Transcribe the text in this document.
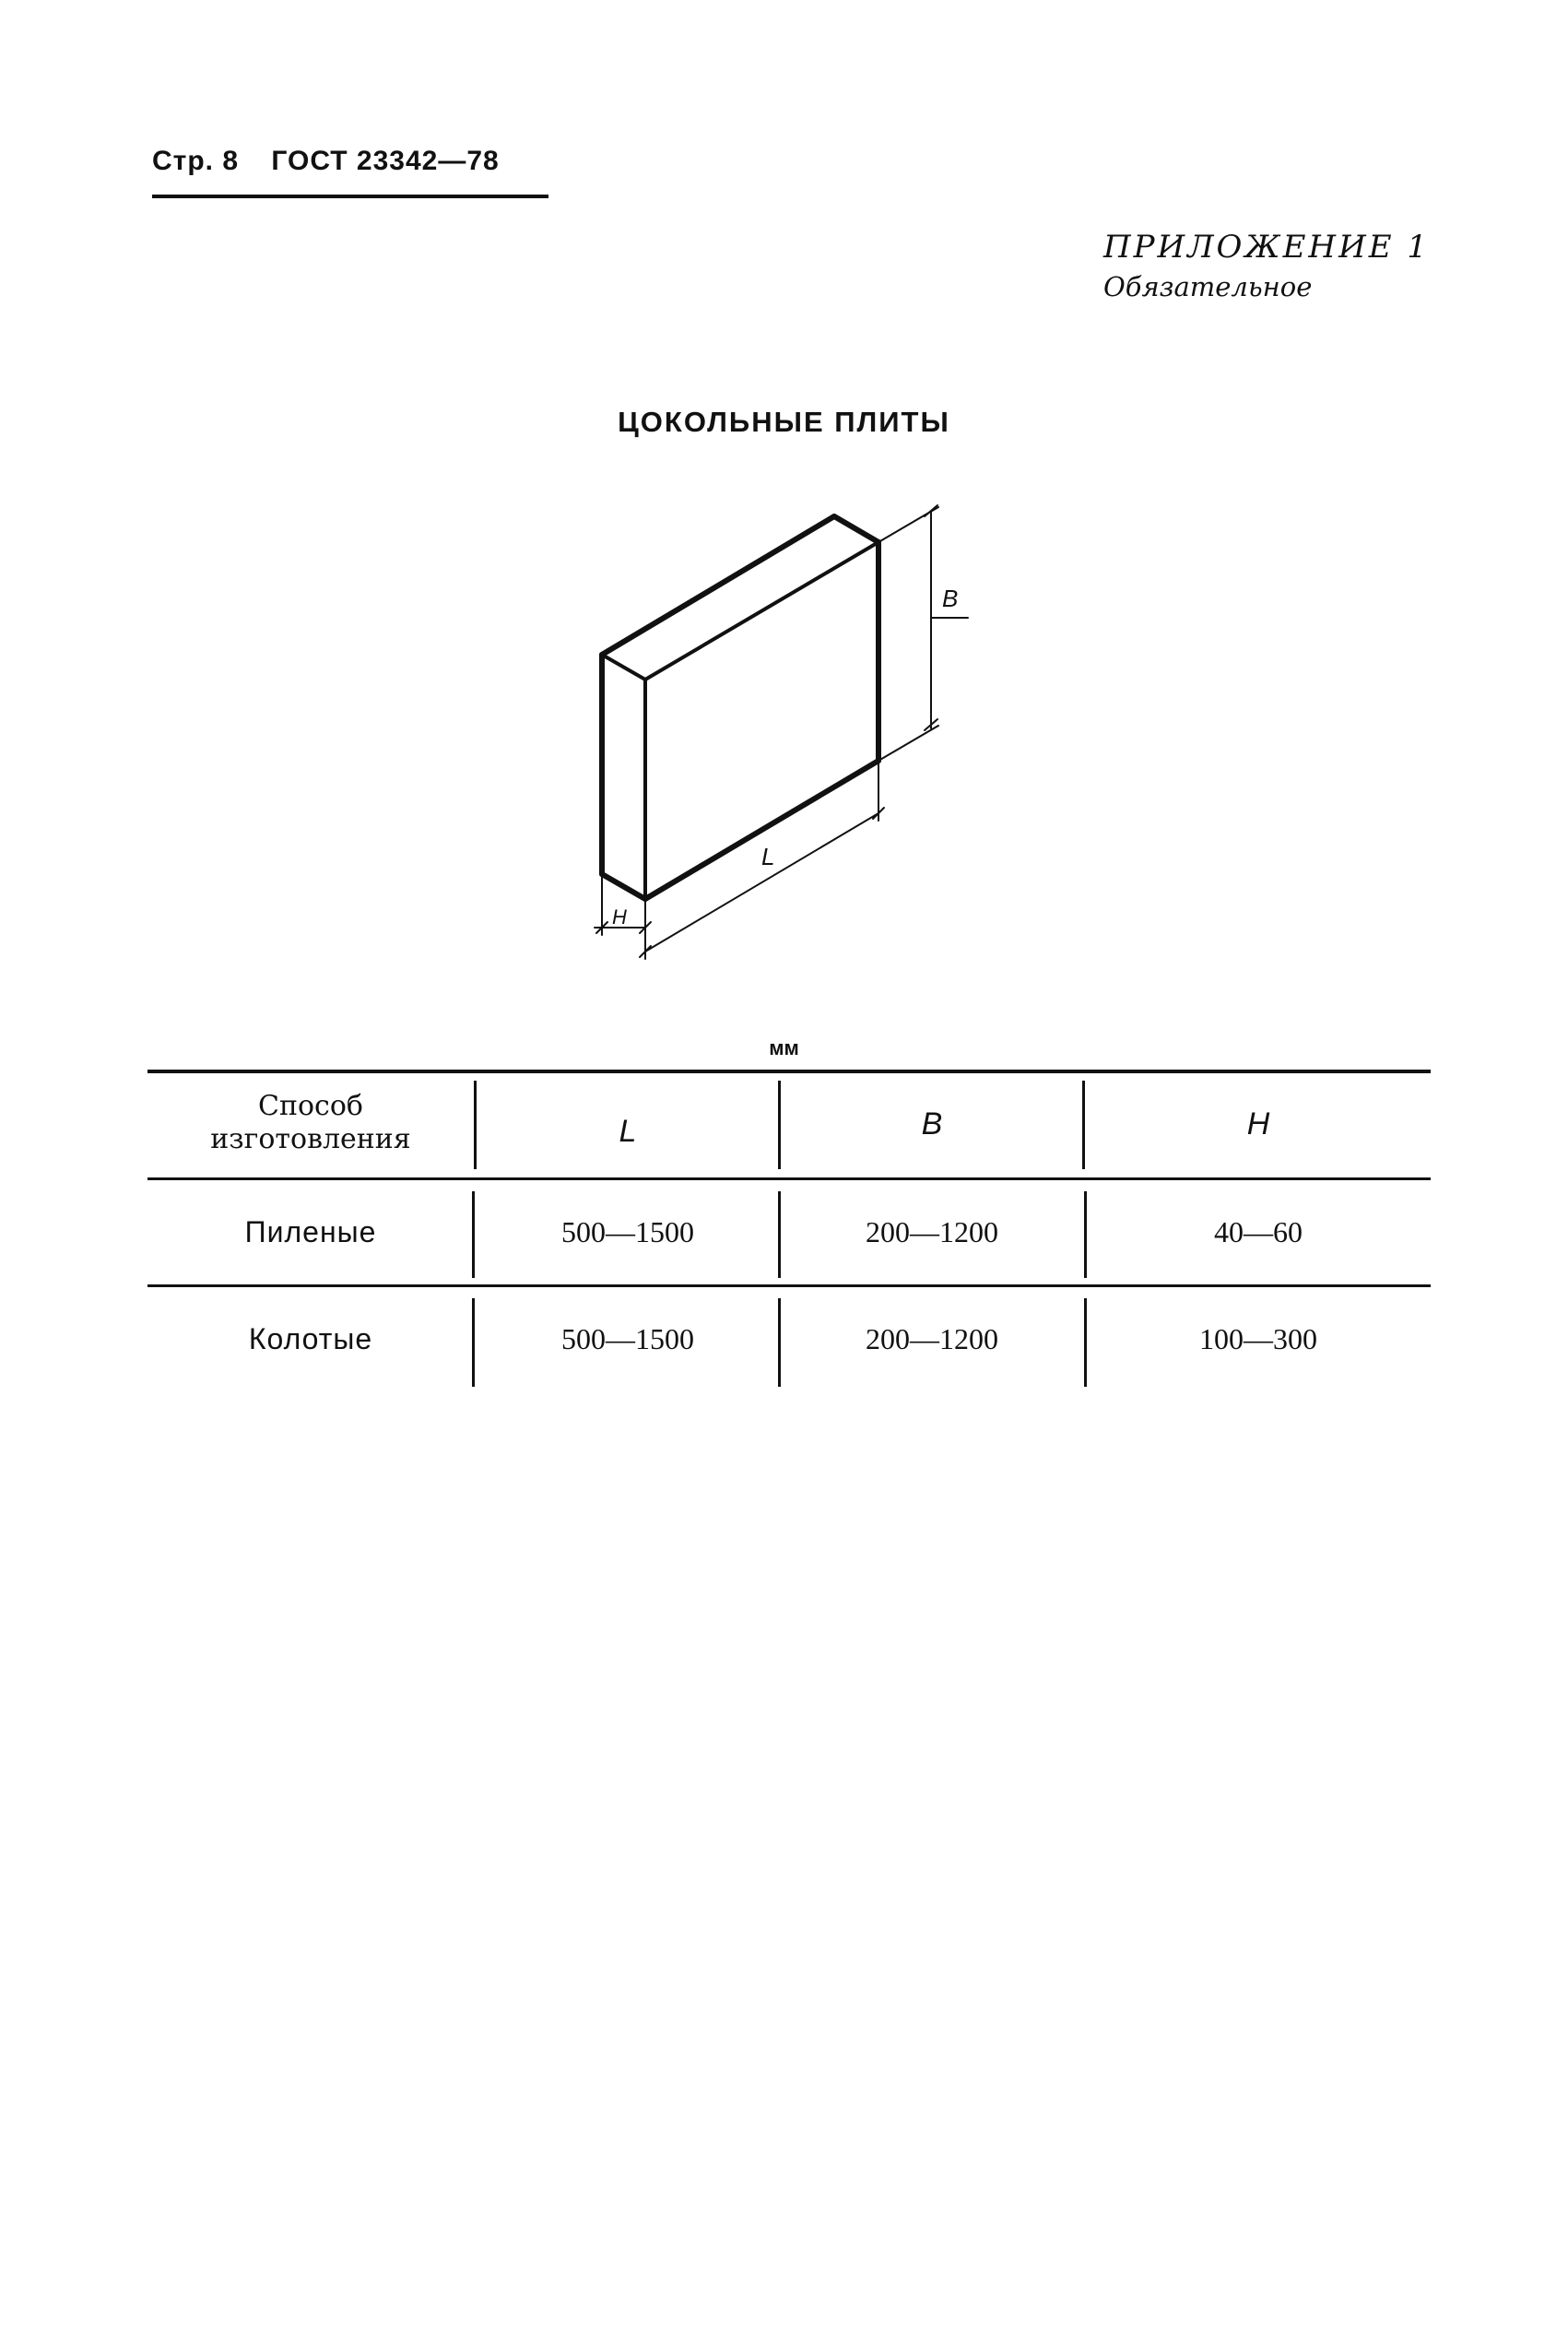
Стр. 8 ГОСТ 23342—78
ПРИЛОЖЕНИЕ 1
Обязательное
ЦОКОЛЬНЫЕ ПЛИТЫ
B
L
H
мм
Способ
изготовления	L	B	H
Пиленые	500—1500	200—1200	40—60
Колотые	500—1500	200—1200	100—300
